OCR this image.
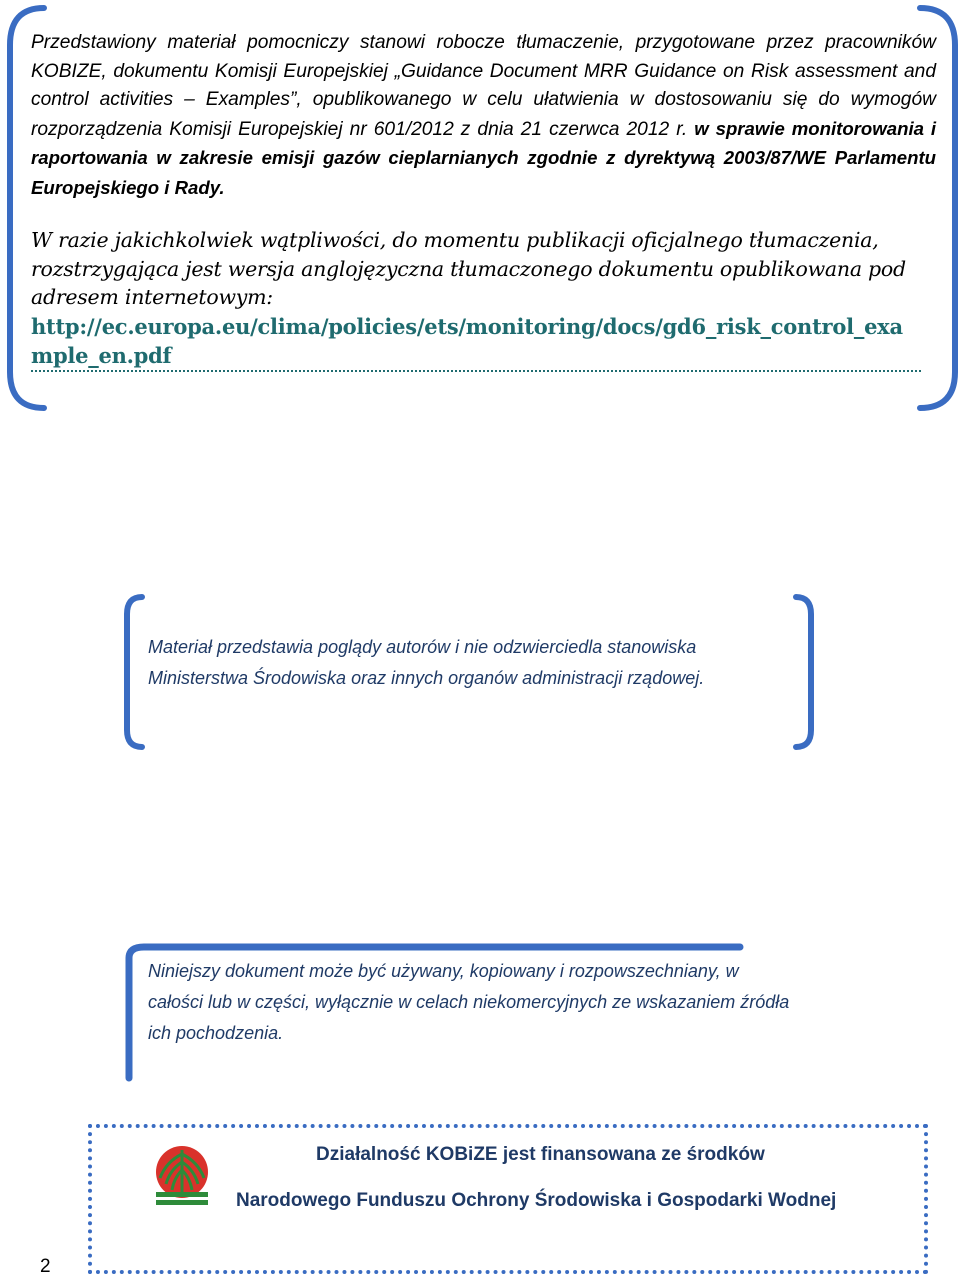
Przedstawiony materiał pomocniczy stanowi robocze tłumaczenie, przygotowane przez pracowników KOBIZE, dokumentu Komisji Europejskiej „Guidance Document MRR Guidance on Risk assessment and control activities – Examples”, opublikowanego w celu ułatwienia w dostosowaniu się do wymogów rozporządzenia Komisji Europejskiej nr 601/2012 z dnia 21 czerwca 2012 r. w sprawie monitorowania i raportowania w zakresie emisji gazów cieplarnianych zgodnie z dyrektywą 2003/87/WE Parlamentu Europejskiego i Rady.

W razie jakichkolwiek wątpliwości, do momentu publikacji oficjalnego tłumaczenia, rozstrzygająca jest wersja anglojęzyczna tłumaczonego dokumentu opublikowana pod adresem internetowym:

http://ec.europa.eu/clima/policies/ets/monitoring/docs/gd6_risk_control_example_en.pdf
Materiał przedstawia poglądy autorów i nie odzwierciedla stanowiska
Ministerstwa Środowiska oraz innych organów administracji rządowej.
Niniejszy dokument może być używany, kopiowany i rozpowszechniany, w
całości lub w części, wyłącznie w celach niekomercyjnych ze wskazaniem źródła
ich pochodzenia.
Działalność KOBiZE jest finansowana ze środków
Narodowego Funduszu Ochrony Środowiska i Gospodarki Wodnej
2
